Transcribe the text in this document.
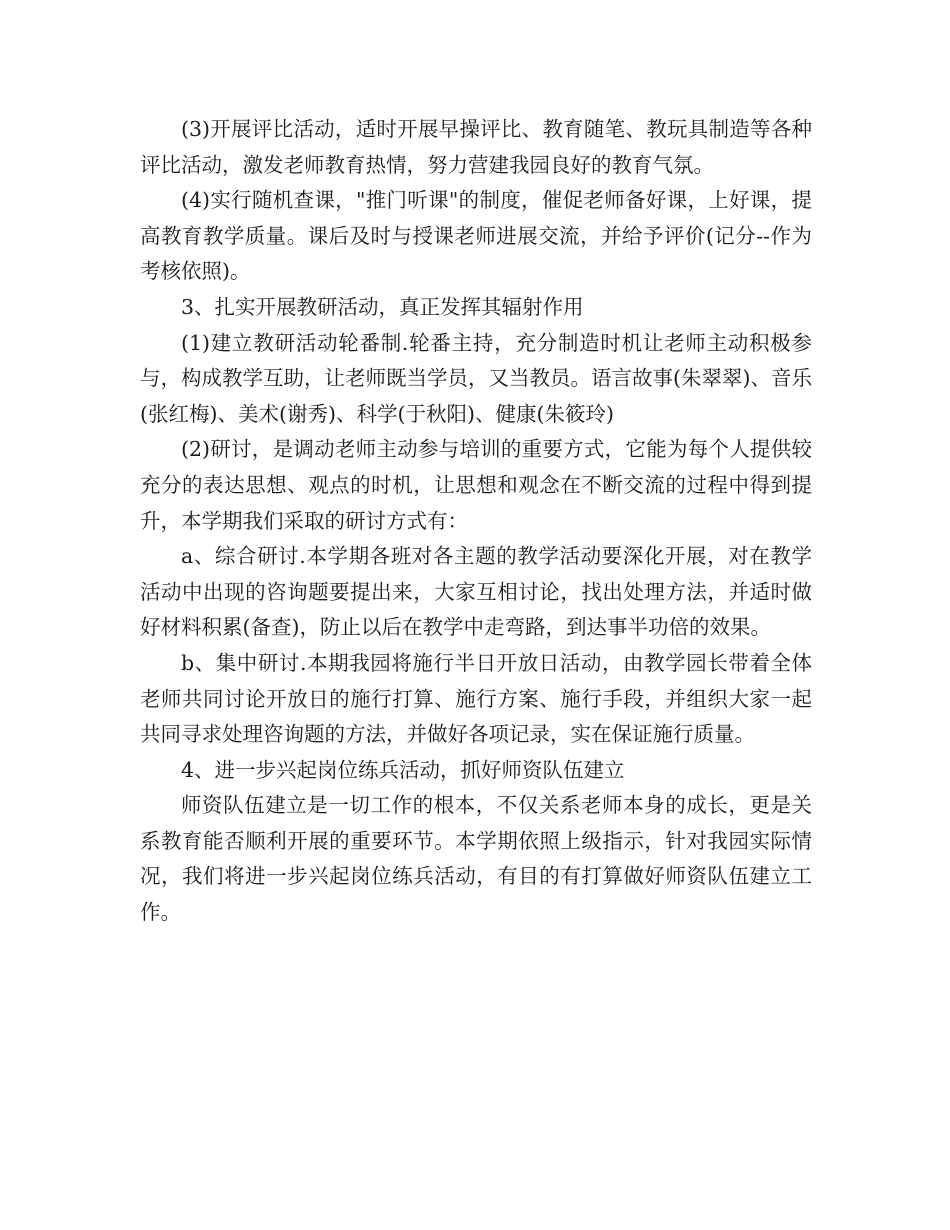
(3)开展评比活动，适时开展早操评比、教育随笔、教玩具制造等各种评比活动，激发老师教育热情，努力营建我园良好的教育气氛。

(4)实行随机查课，"推门听课"的制度，催促老师备好课，上好课，提高教育教学质量。课后及时与授课老师进展交流，并给予评价(记分--作为考核依照)。

3、扎实开展教研活动，真正发挥其辐射作用

(1)建立教研活动轮番制.轮番主持，充分制造时机让老师主动积极参与，构成教学互助，让老师既当学员，又当教员。语言故事(朱翠翠)、音乐(张红梅)、美术(谢秀)、科学(于秋阳)、健康(朱筱玲)

(2)研讨，是调动老师主动参与培训的重要方式，它能为每个人提供较充分的表达思想、观点的时机，让思想和观念在不断交流的过程中得到提升，本学期我们采取的研讨方式有：

a、综合研讨.本学期各班对各主题的教学活动要深化开展，对在教学活动中出现的咨询题要提出来，大家互相讨论，找出处理方法，并适时做好材料积累(备查)，防止以后在教学中走弯路，到达事半功倍的效果。

b、集中研讨.本期我园将施行半日开放日活动，由教学园长带着全体老师共同讨论开放日的施行打算、施行方案、施行手段，并组织大家一起共同寻求处理咨询题的方法，并做好各项记录，实在保证施行质量。

4、进一步兴起岗位练兵活动，抓好师资队伍建立

师资队伍建立是一切工作的根本，不仅关系老师本身的成长，更是关系教育能否顺利开展的重要环节。本学期依照上级指示，针对我园实际情况，我们将进一步兴起岗位练兵活动，有目的有打算做好师资队伍建立工作。
